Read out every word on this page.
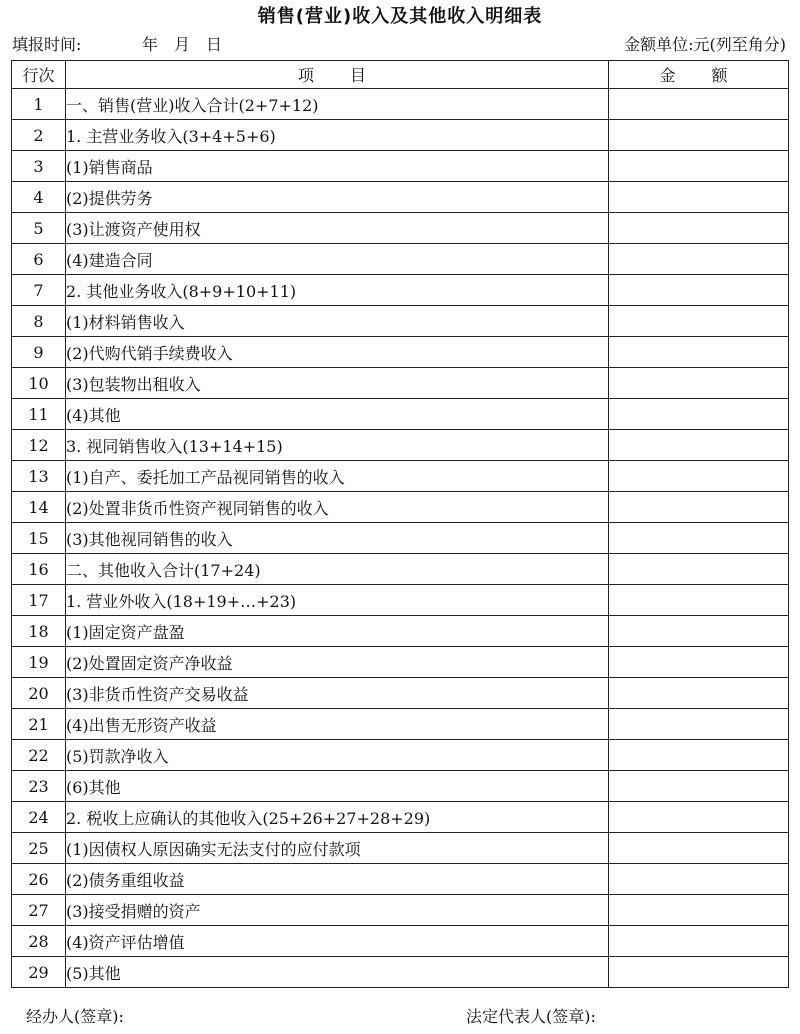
销售(营业)收入及其他收入明细表
填报时间:	年　月　日	金额单位:元(列至角分)
行次	项　目	金　额
1	一、销售(营业)收入合计(2+7+12)	
2	1. 主营业务收入(3+4+5+6)	
3	(1)销售商品	
4	(2)提供劳务	
5	(3)让渡资产使用权	
6	(4)建造合同	
7	2. 其他业务收入(8+9+10+11)	
8	(1)材料销售收入	
9	(2)代购代销手续费收入	
10	(3)包装物出租收入	
11	(4)其他	
12	3. 视同销售收入(13+14+15)	
13	(1)自产、委托加工产品视同销售的收入	
14	(2)处置非货币性资产视同销售的收入	
15	(3)其他视同销售的收入	
16	二、其他收入合计(17+24)	
17	1. 营业外收入(18+19+…+23)	
18	(1)固定资产盘盈	
19	(2)处置固定资产净收益	
20	(3)非货币性资产交易收益	
21	(4)出售无形资产收益	
22	(5)罚款净收入	
23	(6)其他	
24	2. 税收上应确认的其他收入(25+26+27+28+29)	
25	(1)因债权人原因确实无法支付的应付款项	
26	(2)债务重组收益	
27	(3)接受捐赠的资产	
28	(4)资产评估增值	
29	(5)其他	
经办人(签章):	法定代表人(签章):
